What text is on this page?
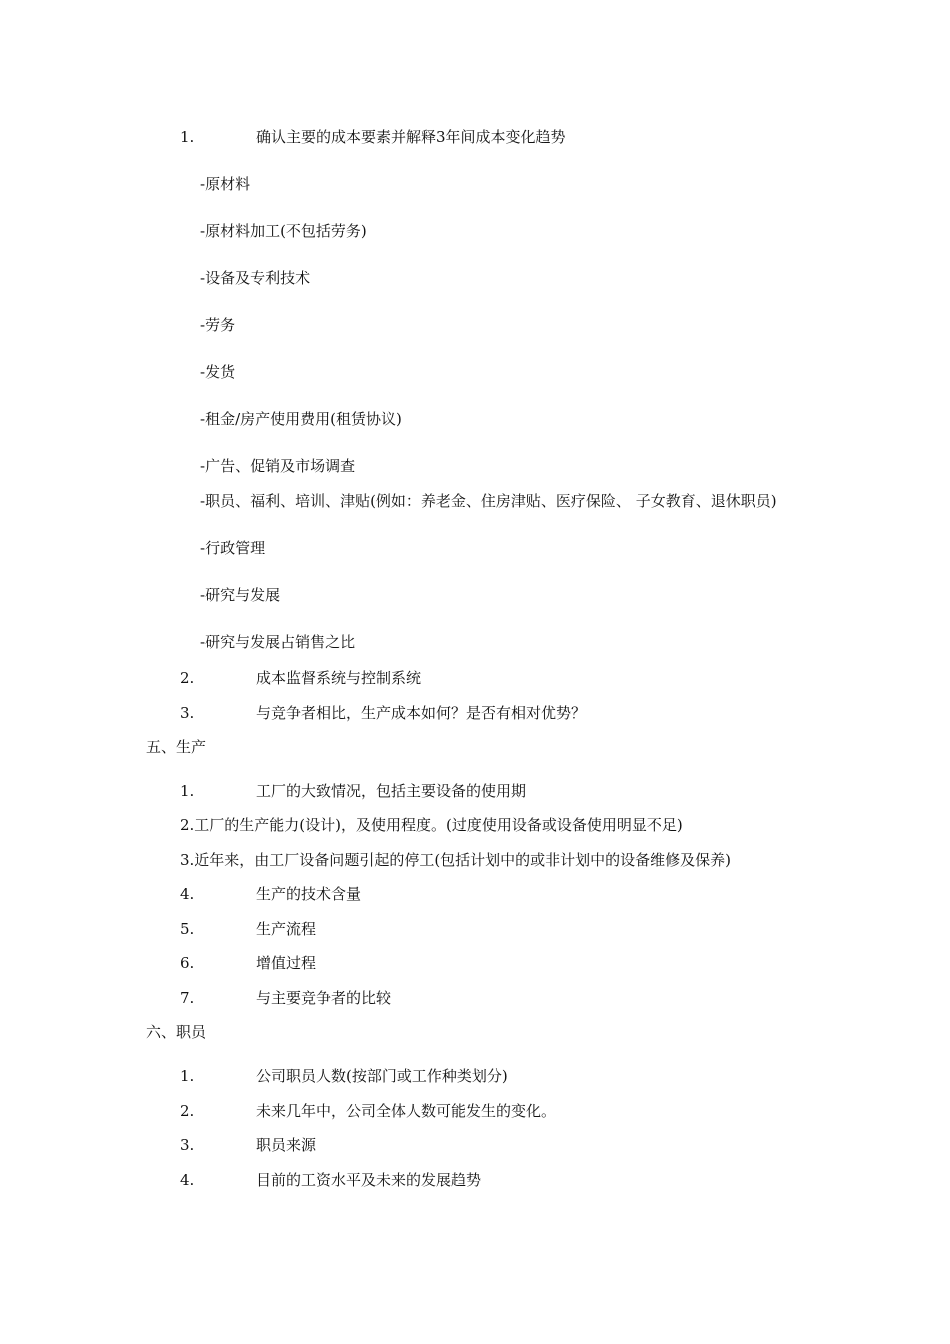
1.	确认主要的成本要素并解释3年间成本变化趋势
-原材料
-原材料加工(不包括劳务)
-设备及专利技术
-劳务
-发货
-租金/房产使用费用(租赁协议)
-广告、促销及市场调查
-职员、福利、培训、津贴(例如：养老金、住房津贴、医疗保险、 子女教育、退休职员)
-行政管理
-研究与发展
-研究与发展占销售之比
2.	成本监督系统与控制系统
3.	与竞争者相比，生产成本如何？是否有相对优势？
五、生产
1.	工厂的大致情况，包括主要设备的使用期
2.工厂的生产能力(设计)，及使用程度。(过度使用设备或设备使用明显不足)
3.近年来，由工厂设备问题引起的停工(包括计划中的或非计划中的设备维修及保养)
4.	生产的技术含量
5.	生产流程
6.	增值过程
7.	与主要竞争者的比较
六、职员
1.	公司职员人数(按部门或工作种类划分)
2.	未来几年中，公司全体人数可能发生的变化。
3.	职员来源
4.	目前的工资水平及未来的发展趋势
